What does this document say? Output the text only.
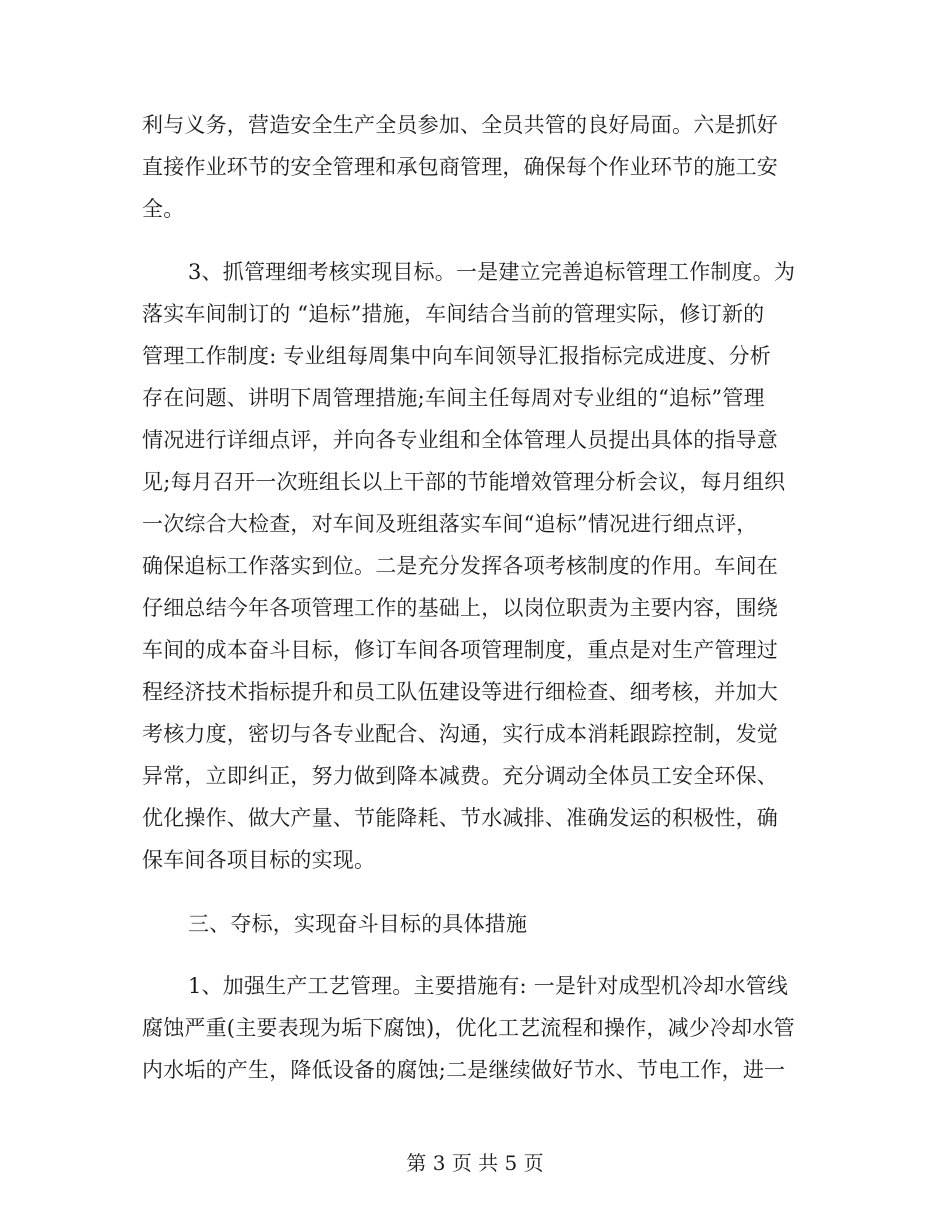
利与义务，营造安全生产全员参加、全员共管的良好局面。六是抓好
直接作业环节的安全管理和承包商管理，确保每个作业环节的施工安
全。
3、抓管理细考核实现目标。一是建立完善追标管理工作制度。为
落实车间制订的 “追标”措施，车间结合当前的管理实际，修订新的
管理工作制度: 专业组每周集中向车间领导汇报指标完成进度、分析
存在问题、讲明下周管理措施;车间主任每周对专业组的“追标”管理
情况进行详细点评，并向各专业组和全体管理人员提出具体的指导意
见;每月召开一次班组长以上干部的节能增效管理分析会议，每月组织
一次综合大检查，对车间及班组落实车间“追标”情况进行细点评，
确保追标工作落实到位。二是充分发挥各项考核制度的作用。车间在
仔细总结今年各项管理工作的基础上，以岗位职责为主要内容，围绕
车间的成本奋斗目标，修订车间各项管理制度，重点是对生产管理过
程经济技术指标提升和员工队伍建设等进行细检查、细考核，并加大
考核力度，密切与各专业配合、沟通，实行成本消耗跟踪控制，发觉
异常，立即纠正，努力做到降本减费。充分调动全体员工安全环保、
优化操作、做大产量、节能降耗、节水减排、准确发运的积极性，确
保车间各项目标的实现。
三、夺标，实现奋斗目标的具体措施
1、加强生产工艺管理。主要措施有: 一是针对成型机冷却水管线
腐蚀严重(主要表现为垢下腐蚀)，优化工艺流程和操作，减少冷却水管
内水垢的产生，降低设备的腐蚀;二是继续做好节水、节电工作，进一
第 3 页 共 5 页
